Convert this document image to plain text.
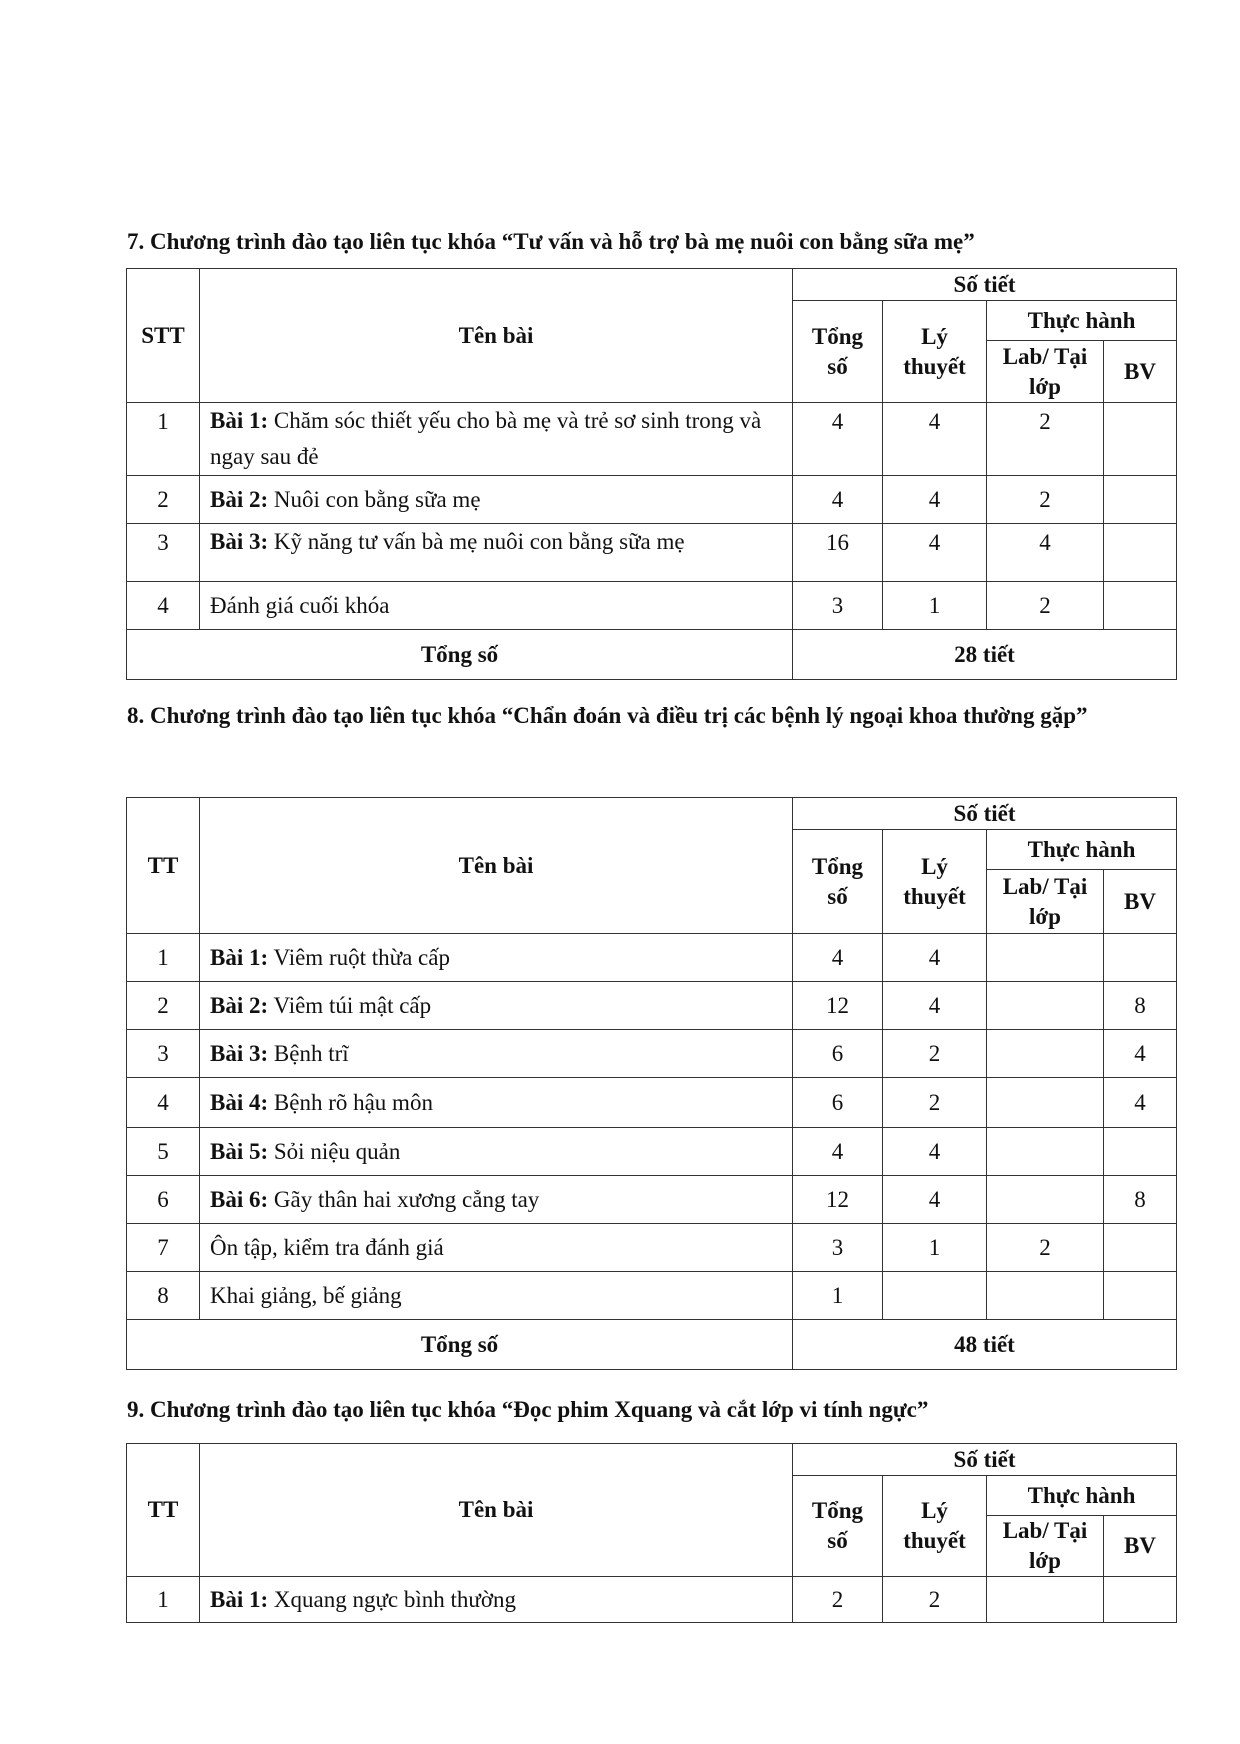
7. Chương trình đào tạo liên tục khóa “Tư vấn và hỗ trợ bà mẹ nuôi con bằng sữa mẹ”

STT	Tên bài	Số tiết			
		Tổng số	Lý thuyết	Thực hành	
				Lab/ Tại lớp	BV
1	Bài 1: Chăm sóc thiết yếu cho bà mẹ và trẻ sơ sinh trong và ngay sau đẻ	4	4	2	
2	Bài 2: Nuôi con bằng sữa mẹ	4	4	2	
3	Bài 3: Kỹ năng tư vấn bà mẹ nuôi con bằng sữa mẹ	16	4	4	
4	Đánh giá cuối khóa	3	1	2	
Tổng số		28 tiết			

8. Chương trình đào tạo liên tục khóa “Chẩn đoán và điều trị các bệnh lý ngoại khoa thường gặp”

TT	Tên bài	Số tiết			
		Tổng số	Lý thuyết	Thực hành	
				Lab/ Tại lớp	BV
1	Bài 1: Viêm ruột thừa cấp	4	4		
2	Bài 2: Viêm túi mật cấp	12	4		8
3	Bài 3: Bệnh trĩ	6	2		4
4	Bài 4: Bệnh rõ hậu môn	6	2		4
5	Bài 5: Sỏi niệu quản	4	4		
6	Bài 6: Gãy thân hai xương cẳng tay	12	4		8
7	Ôn tập, kiểm tra đánh giá	3	1	2	
8	Khai giảng, bế giảng	1			
Tổng số		48 tiết			

9. Chương trình đào tạo liên tục khóa “Đọc phim Xquang và cắt lớp vi tính ngực”

TT	Tên bài	Số tiết			
		Tổng số	Lý thuyết	Thực hành	
				Lab/ Tại lớp	BV
1	Bài 1: Xquang ngực bình thường	2	2		
